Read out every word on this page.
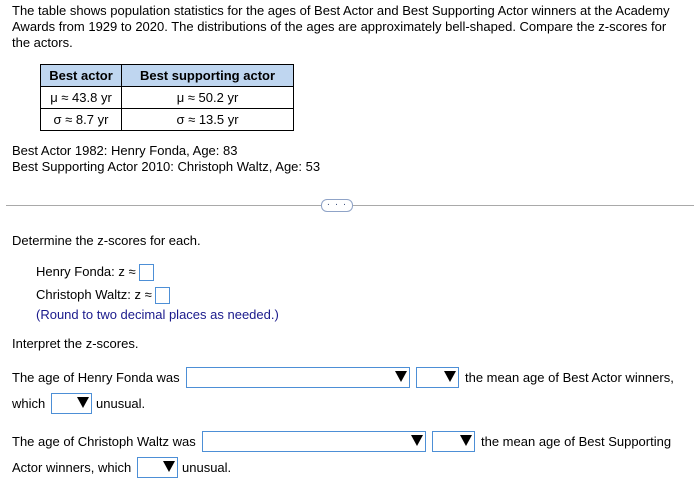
The table shows population statistics for the ages of Best Actor and Best Supporting Actor winners at the Academy Awards from 1929 to 2020. The distributions of the ages are approximately bell-shaped. Compare the z-scores for the actors.

Best actor	Best supporting actor
μ ≈ 43.8 yr	μ ≈ 50.2 yr
σ ≈ 8.7 yr	σ ≈ 13.5 yr
Best Actor 1982: Henry Fonda, Age: 83
Best Supporting Actor 2010: Christoph Waltz, Age: 53
· · ·
Determine the z-scores for each.
Henry Fonda: z ≈
Christoph Waltz: z ≈
(Round to two decimal places as needed.)
Interpret the z-scores.
The age of Henry Fonda was	the mean age of Best Actor winners,
which	unusual.
The age of Christoph Waltz was	the mean age of Best Supporting
Actor winners, which	unusual.
